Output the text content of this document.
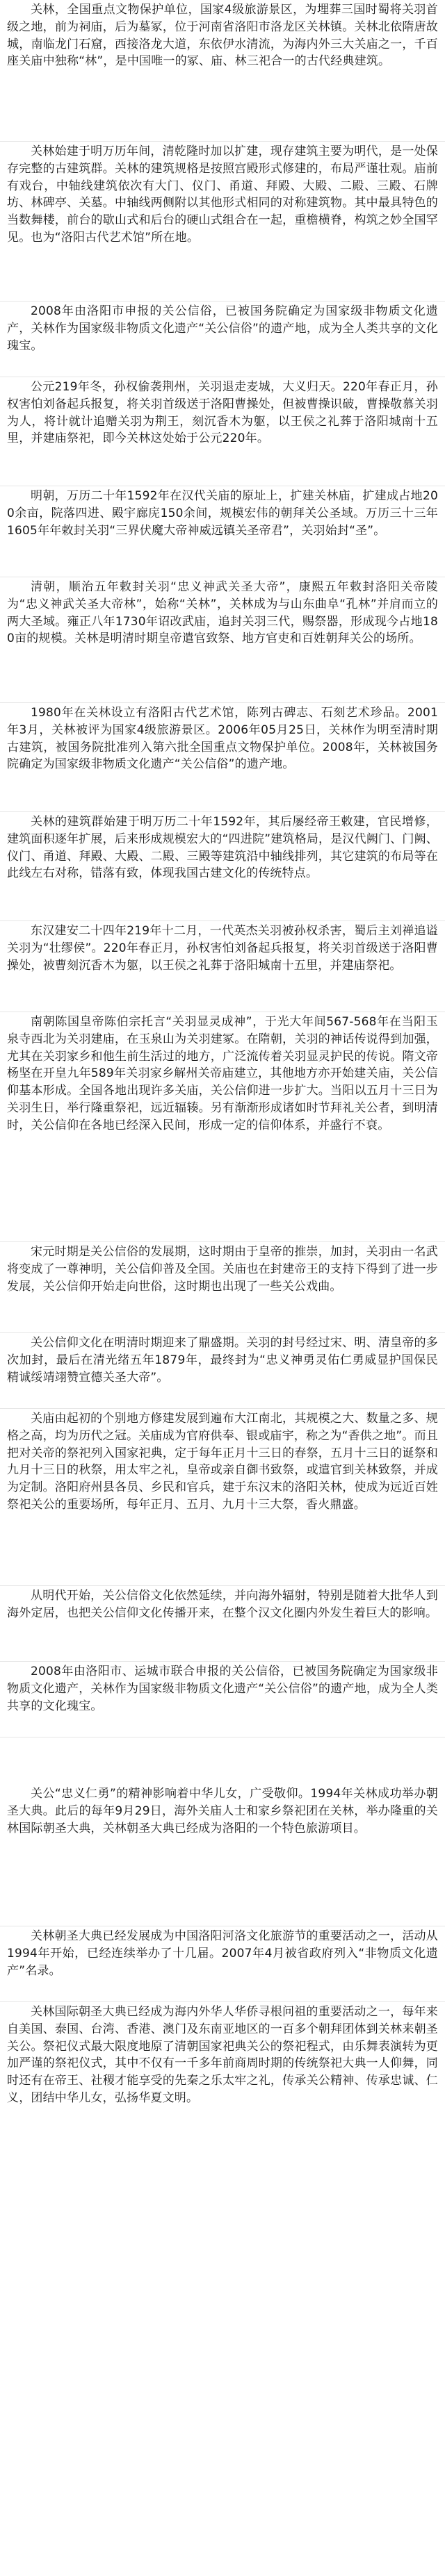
关林，全国重点文物保护单位，国家4级旅游景区，为埋葬三国时蜀将关羽首级之地，前为祠庙，后为墓冢，位于河南省洛阳市洛龙区关林镇。关林北依隋唐故城，南临龙门石窟，西接洛龙大道，东依伊水清流，为海内外三大关庙之一，千百座关庙中独称“林”，是中国唯一的冢、庙、林三祀合一的古代经典建筑。

关林始建于明万历年间，清乾隆时加以扩建，现存建筑主要为明代，是一处保存完整的古建筑群。关林的建筑规格是按照宫殿形式修建的，布局严谨壮观。庙前有戏台，中轴线建筑依次有大门、仪门、甬道、拜殿、大殿、二殿、三殿、石牌坊、林碑亭、关墓。中轴线两侧附以其他形式相同的对称建筑物。其中最具特色的当数舞楼，前台的歇山式和后台的硬山式组合在一起，重檐横脊，构筑之妙全国罕见。也为“洛阳古代艺术馆”所在地。

2008年由洛阳市申报的关公信俗，已被国务院确定为国家级非物质文化遗产，关林作为国家级非物质文化遗产“关公信俗”的遗产地，成为全人类共享的文化瑰宝。

公元219年冬，孙权偷袭荆州，关羽退走麦城，大义归天。220年春正月，孙权害怕刘备起兵报复，将关羽首级送于洛阳曹操处，但被曹操识破，曹操敬慕关羽为人，将计就计追赠关羽为荆王，刻沉香木为躯，以王侯之礼葬于洛阳城南十五里，并建庙祭祀，即今关林这处始于公元220年。

明朝，万历二十年1592年在汉代关庙的原址上，扩建关林庙，扩建成占地200余亩，院落四进、殿宇廊庑150余间，规模宏伟的朝拜关公圣域。万历三十三年1605年年敕封关羽“三界伏魔大帝神威远镇关圣帝君”，关羽始封“圣”。

清朝，顺治五年敕封关羽“忠义神武关圣大帝”，康熙五年敕封洛阳关帝陵为“忠义神武关圣大帝林”，始称“关林”，关林成为与山东曲阜“孔林”并肩而立的两大圣域。雍正八年1730年诏改武庙，追封关羽三代，赐祭器，形成现今占地180亩的规模。关林是明清时期皇帝遣官致祭、地方官吏和百姓朝拜关公的场所。

1980年在关林设立有洛阳古代艺术馆，陈列古碑志、石刻艺术珍品。2001年3月，关林被评为国家4级旅游景区。2006年05月25日，关林作为明至清时期古建筑，被国务院批准列入第六批全国重点文物保护单位。2008年，关林被国务院确定为国家级非物质文化遗产“关公信俗”的遗产地。

关林的建筑群始建于明万历二十年1592年，其后屡经帝王敕建，官民增修，建筑面积逐年扩展，后来形成规模宏大的“四进院”建筑格局，是汉代阙门、门阙、仪门、甬道、拜殿、大殿、二殿、三殿等建筑沿中轴线排列，其它建筑的布局等在此线左右对称，错落有致，体现我国古建文化的传统特点。

东汉建安二十四年219年十二月，一代英杰关羽被孙权杀害，蜀后主刘禅追谥关羽为“壮缪侯”。220年春正月，孙权害怕刘备起兵报复，将关羽首级送于洛阳曹操处，被曹刻沉香木为躯，以王侯之礼葬于洛阳城南十五里，并建庙祭祀。

南朝陈国皇帝陈伯宗托言“关羽显灵成神”，于光大年间567-568年在当阳玉泉寺西北为关羽建庙，在玉泉山为关羽建冢。在隋朝，关羽的神话传说得到加强，尤其在关羽家乡和他生前生活过的地方，广泛流传着关羽显灵护民的传说。隋文帝杨坚在开皇九年589年关羽家乡解州关帝庙建立，其他地方亦开始建关庙，关公信仰基本形成。全国各地出现许多关庙，关公信仰进一步扩大。当阳以五月十三日为关羽生日，举行隆重祭祀，远近辐辏。另有渐渐形成诸如时节拜礼关公者，到明清时，关公信仰在各地已经深入民间，形成一定的信仰体系，并盛行不衰。

宋元时期是关公信俗的发展期，这时期由于皇帝的推崇，加封，关羽由一名武将变成了一尊神明，关公信仰普及全国。关庙也在封建帝王的支持下得到了进一步发展，关公信仰开始走向世俗，这时期也出现了一些关公戏曲。

关公信仰文化在明清时期迎来了鼎盛期。关羽的封号经过宋、明、清皇帝的多次加封，最后在清光绪五年1879年，最终封为“忠义神勇灵佑仁勇威显护国保民精诚绥靖翊赞宣德关圣大帝”。

关庙由起初的个别地方修建发展到遍布大江南北，其规模之大、数量之多、规格之高，均为历代之冠。关庙成为官府供奉、银或庙宇，称之为“香供之地”。而且把对关帝的祭祀列入国家祀典，定于每年正月十三日的春祭，五月十三日的诞祭和九月十三日的秋祭，用太牢之礼，皇帝或亲自御书致祭，或遣官到关林致祭，并成为定制。洛阳府州县各员、乡民和官兵，建于东汉末的洛阳关林，使成为远近百姓祭祀关公的重要场所，每年正月、五月、九月十三大祭，香火鼎盛。

从明代开始，关公信俗文化依然延续，并向海外辐射，特别是随着大批华人到海外定居，也把关公信仰文化传播开来，在整个汉文化圈内外发生着巨大的影响。

2008年由洛阳市、运城市联合申报的关公信俗，已被国务院确定为国家级非物质文化遗产，关林作为国家级非物质文化遗产“关公信俗”的遗产地，成为全人类共享的文化瑰宝。

关公“忠义仁勇”的精神影响着中华儿女，广受敬仰。1994年关林成功举办朝圣大典。此后的每年9月29日，海外关庙人士和家乡祭祀团在关林，举办隆重的关林国际朝圣大典，关林朝圣大典已经成为洛阳的一个特色旅游项目。

关林朝圣大典已经发展成为中国洛阳河洛文化旅游节的重要活动之一，活动从1994年开始，已经连续举办了十几届。2007年4月被省政府列入“非物质文化遗产”名录。

关林国际朝圣大典已经成为海内外华人华侨寻根问祖的重要活动之一，每年来自美国、泰国、台湾、香港、澳门及东南亚地区的一百多个朝拜团体到关林来朝圣关公。祭祀仪式最大限度地原了清朝国家祀典关公的祭祀程式，由乐舞表演转为更加严谨的祭祀仪式，其中不仅有一千多年前商周时期的传统祭祀大典一人仰舞，同时还有在帝王、社稷才能享受的先秦之乐太牢之礼，传承关公精神、传承忠诚、仁义，团结中华儿女，弘扬华夏文明。
